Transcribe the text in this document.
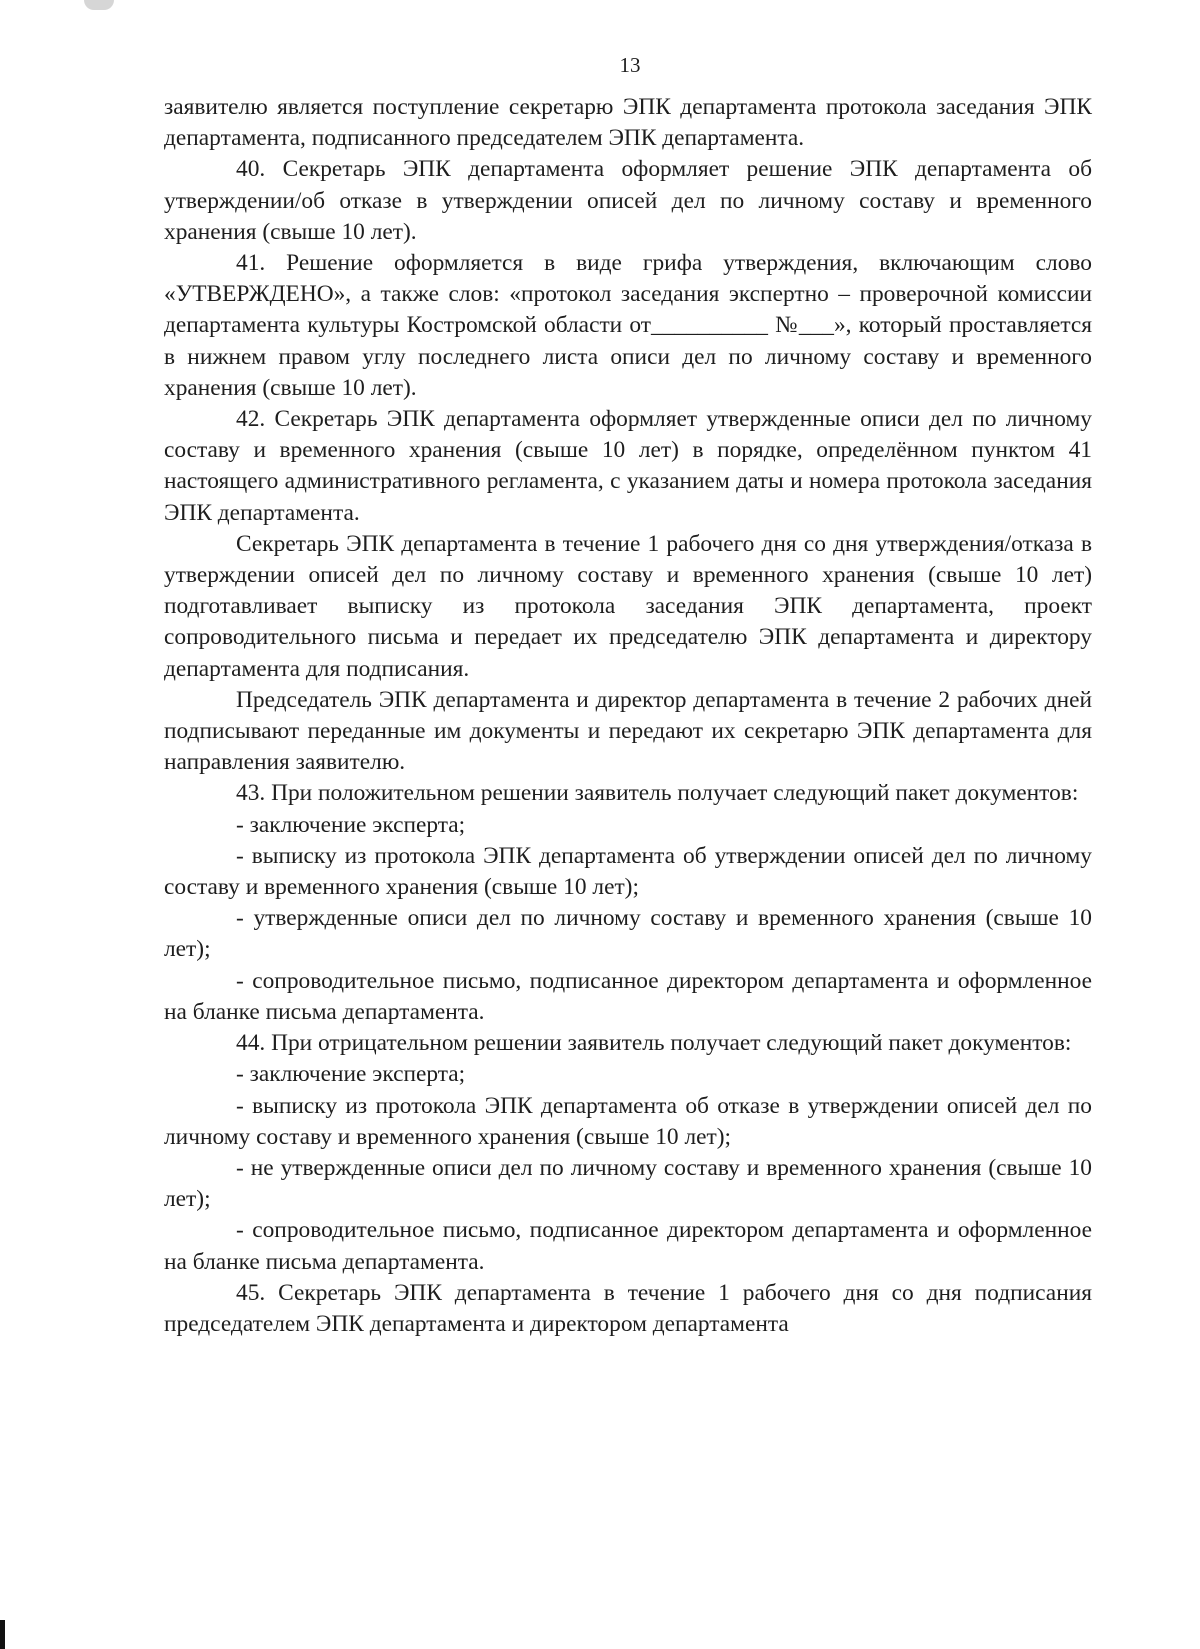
13

заявителю является поступление секретарю ЭПК департамента протокола заседания ЭПК департамента, подписанного председателем ЭПК департамента.

40. Секретарь ЭПК департамента оформляет решение ЭПК департамента об утверждении/об отказе в утверждении описей дел по личному составу и временного хранения (свыше 10 лет).

41. Решение оформляется в виде грифа утверждения, включающим слово «УТВЕРЖДЕНО», а также слов: «протокол заседания экспертно – проверочной комиссии департамента культуры Костромской области от__________ №___», который проставляется в нижнем правом углу последнего листа описи дел по личному составу и временного хранения (свыше 10 лет).

42. Секретарь ЭПК департамента оформляет утвержденные описи дел по личному составу и временного хранения (свыше 10 лет) в порядке, определённом пунктом 41 настоящего административного регламента, с указанием даты и номера протокола заседания ЭПК департамента.

Секретарь ЭПК департамента в течение 1 рабочего дня со дня утверждения/отказа в утверждении описей дел по личному составу и временного хранения (свыше 10 лет) подготавливает выписку из протокола заседания ЭПК департамента, проект сопроводительного письма и передает их председателю ЭПК департамента и директору департамента для подписания.

Председатель ЭПК департамента и директор департамента в течение 2 рабочих дней подписывают переданные им документы и передают их секретарю ЭПК департамента для направления заявителю.

43. При положительном решении заявитель получает следующий пакет документов:

- заключение эксперта;

- выписку из протокола ЭПК департамента об утверждении описей дел по личному составу и временного хранения (свыше 10 лет);

- утвержденные описи дел по личному составу и временного хранения (свыше 10 лет);

- сопроводительное письмо, подписанное директором департамента и оформленное на бланке письма департамента.

44. При отрицательном решении заявитель получает следующий пакет документов:

- заключение эксперта;

- выписку из протокола ЭПК департамента об отказе в утверждении описей дел по личному составу и временного хранения (свыше 10 лет);

- не утвержденные описи дел по личному составу и временного хранения (свыше 10 лет);

- сопроводительное письмо, подписанное директором департамента и оформленное на бланке письма департамента.

45. Секретарь ЭПК департамента в течение 1 рабочего дня со дня подписания председателем ЭПК департамента и директором департамента
